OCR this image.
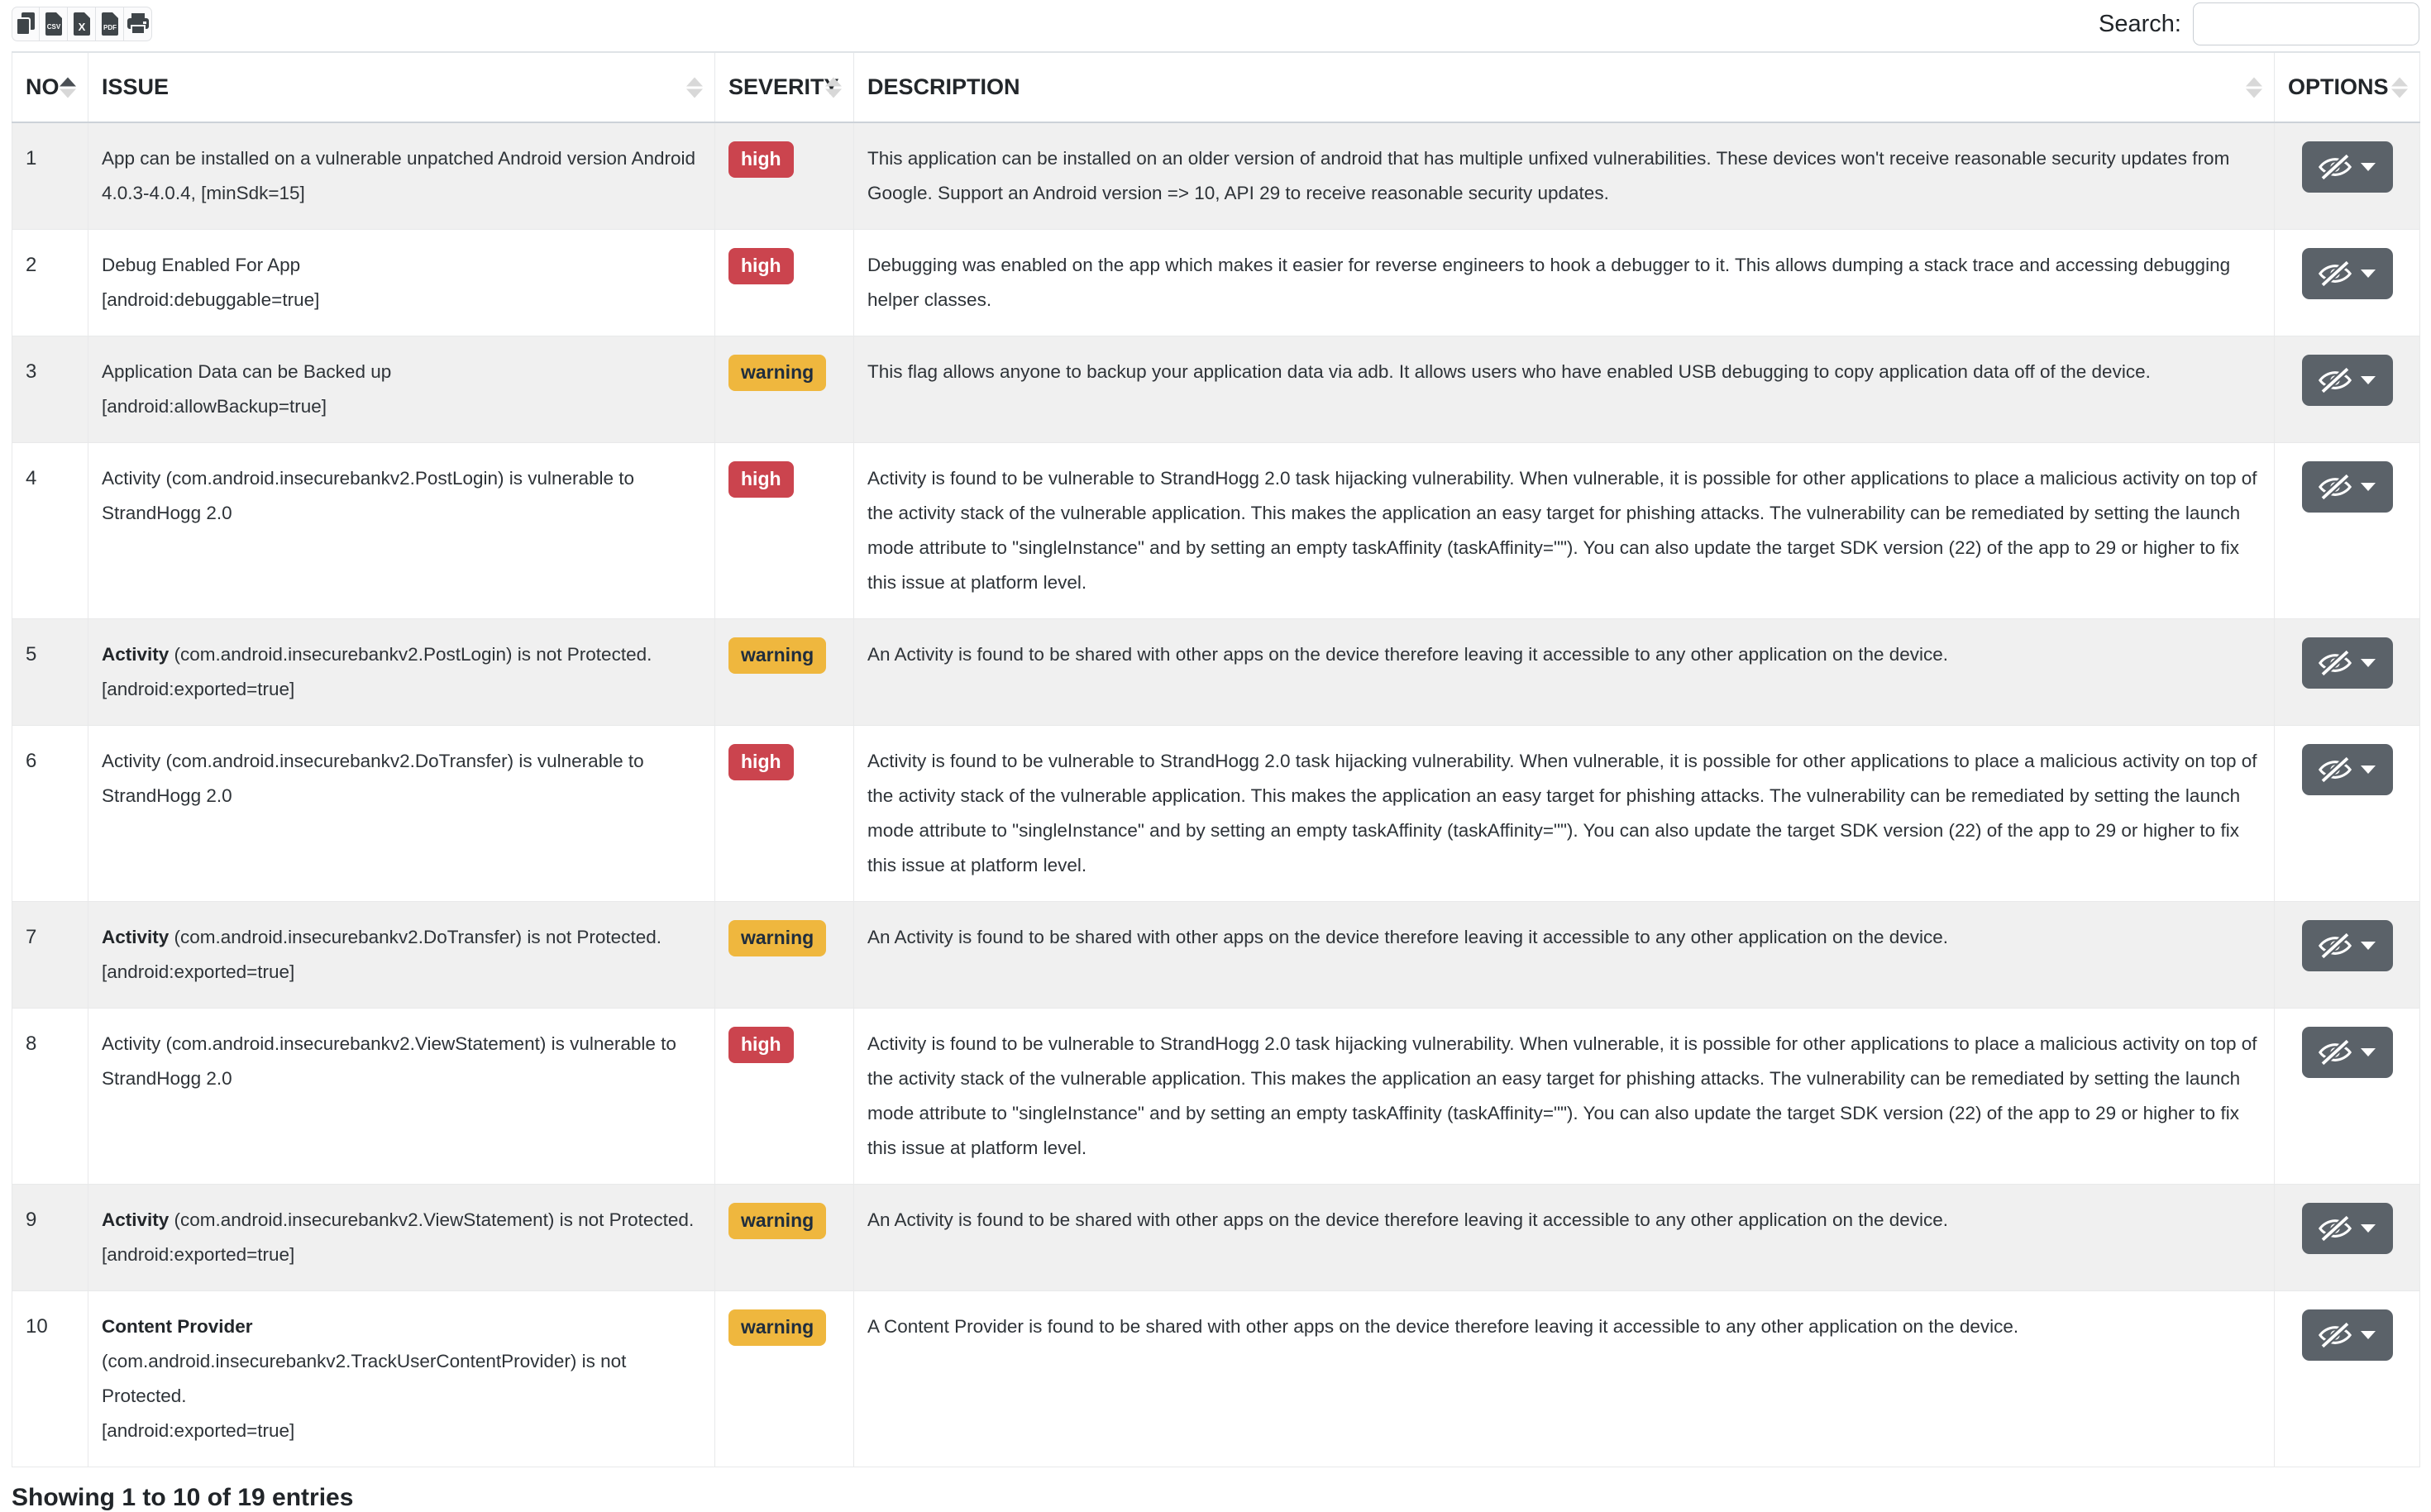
CSV X	PDF	Search:
NO	ISSUE	SEVERITY	DESCRIPTION	OPTIONS

1	App can be installed on a vulnerable unpatched Android version Android 4.0.3-4.0.4, [minSdk=15]	high	This application can be installed on an older version of android that has multiple unfixed vulnerabilities. These devices won't receive reasonable security updates from Google. Support an Android version => 10, API 29 to receive reasonable security updates.	

2	Debug Enabled For App
[android:debuggable=true]	high	Debugging was enabled on the app which makes it easier for reverse engineers to hook a debugger to it. This allows dumping a stack trace and accessing debugging helper classes.	

3	Application Data can be Backed up
[android:allowBackup=true]	warning	This flag allows anyone to backup your application data via adb. It allows users who have enabled USB debugging to copy application data off of the device.	

4	Activity (com.android.insecurebankv2.PostLogin) is vulnerable to StrandHogg 2.0	high	Activity is found to be vulnerable to StrandHogg 2.0 task hijacking vulnerability. When vulnerable, it is possible for other applications to place a malicious activity on top of the activity stack of the vulnerable application. This makes the application an easy target for phishing attacks. The vulnerability can be remediated by setting the launch mode attribute to "singleInstance" and by setting an empty taskAffinity (taskAffinity=""). You can also update the target SDK version (22) of the app to 29 or higher to fix this issue at platform level.	

5	Activity (com.android.insecurebankv2.PostLogin) is not Protected.
[android:exported=true]	warning	An Activity is found to be shared with other apps on the device therefore leaving it accessible to any other application on the device.	

6	Activity (com.android.insecurebankv2.DoTransfer) is vulnerable to StrandHogg 2.0	high	Activity is found to be vulnerable to StrandHogg 2.0 task hijacking vulnerability. When vulnerable, it is possible for other applications to place a malicious activity on top of the activity stack of the vulnerable application. This makes the application an easy target for phishing attacks. The vulnerability can be remediated by setting the launch mode attribute to "singleInstance" and by setting an empty taskAffinity (taskAffinity=""). You can also update the target SDK version (22) of the app to 29 or higher to fix this issue at platform level.	

7	Activity (com.android.insecurebankv2.DoTransfer) is not Protected.
[android:exported=true]	warning	An Activity is found to be shared with other apps on the device therefore leaving it accessible to any other application on the device.	

8	Activity (com.android.insecurebankv2.ViewStatement) is vulnerable to StrandHogg 2.0	high	Activity is found to be vulnerable to StrandHogg 2.0 task hijacking vulnerability. When vulnerable, it is possible for other applications to place a malicious activity on top of the activity stack of the vulnerable application. This makes the application an easy target for phishing attacks. The vulnerability can be remediated by setting the launch mode attribute to "singleInstance" and by setting an empty taskAffinity (taskAffinity=""). You can also update the target SDK version (22) of the app to 29 or higher to fix this issue at platform level.	

9	Activity (com.android.insecurebankv2.ViewStatement) is not Protected.
[android:exported=true]	warning	An Activity is found to be shared with other apps on the device therefore leaving it accessible to any other application on the device.	

10	Content Provider (com.android.insecurebankv2.TrackUserContentProvider) is not Protected.
[android:exported=true]	warning	A Content Provider is found to be shared with other apps on the device therefore leaving it accessible to any other application on the device.	
Showing 1 to 10 of 19 entries
